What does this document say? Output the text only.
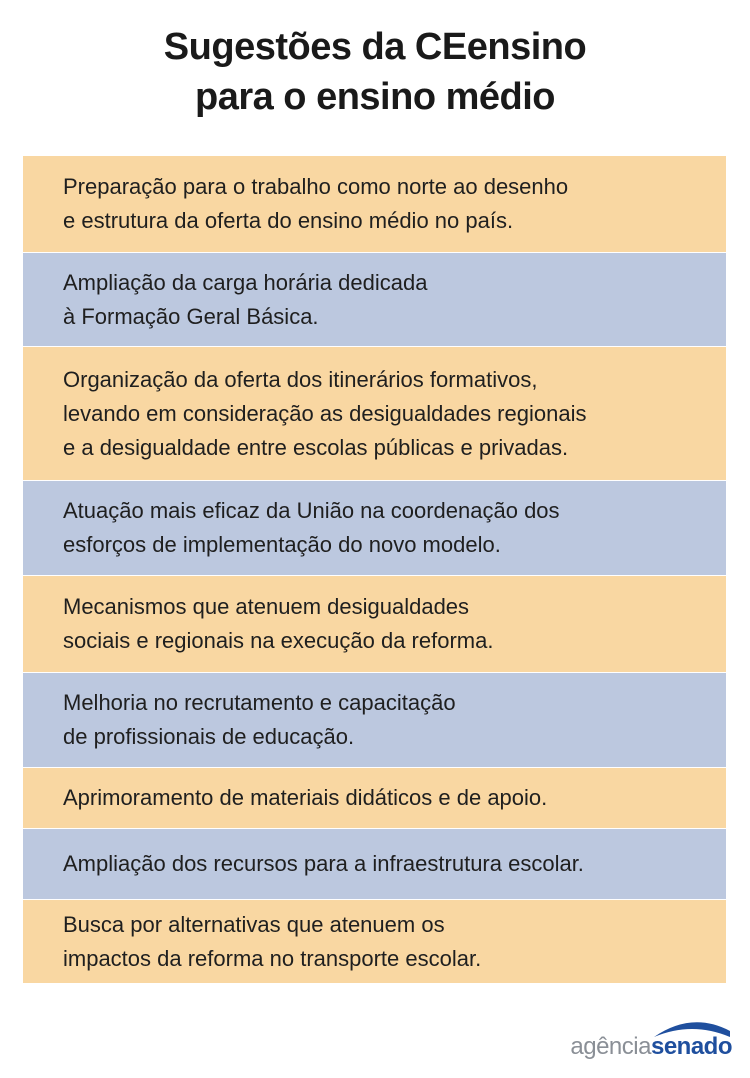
Sugestões da CEensino
para o ensino médio
Preparação para o trabalho como norte ao desenho
e estrutura da oferta do ensino médio no país.
Ampliação da carga horária dedicada
à Formação Geral Básica.
Organização da oferta dos itinerários formativos,
levando em consideração as desigualdades regionais
e a desigualdade entre escolas públicas e privadas.
Atuação mais eficaz da União na coordenação dos
esforços de implementação do novo modelo.
Mecanismos que atenuem desigualdades
sociais e regionais na execução da reforma.
Melhoria no recrutamento e capacitação
de profissionais de educação.
Aprimoramento de materiais didáticos e de apoio.
Ampliação dos recursos para a infraestrutura escolar.
Busca por alternativas que atenuem os
impactos da reforma no transporte escolar.
agênciasenado
